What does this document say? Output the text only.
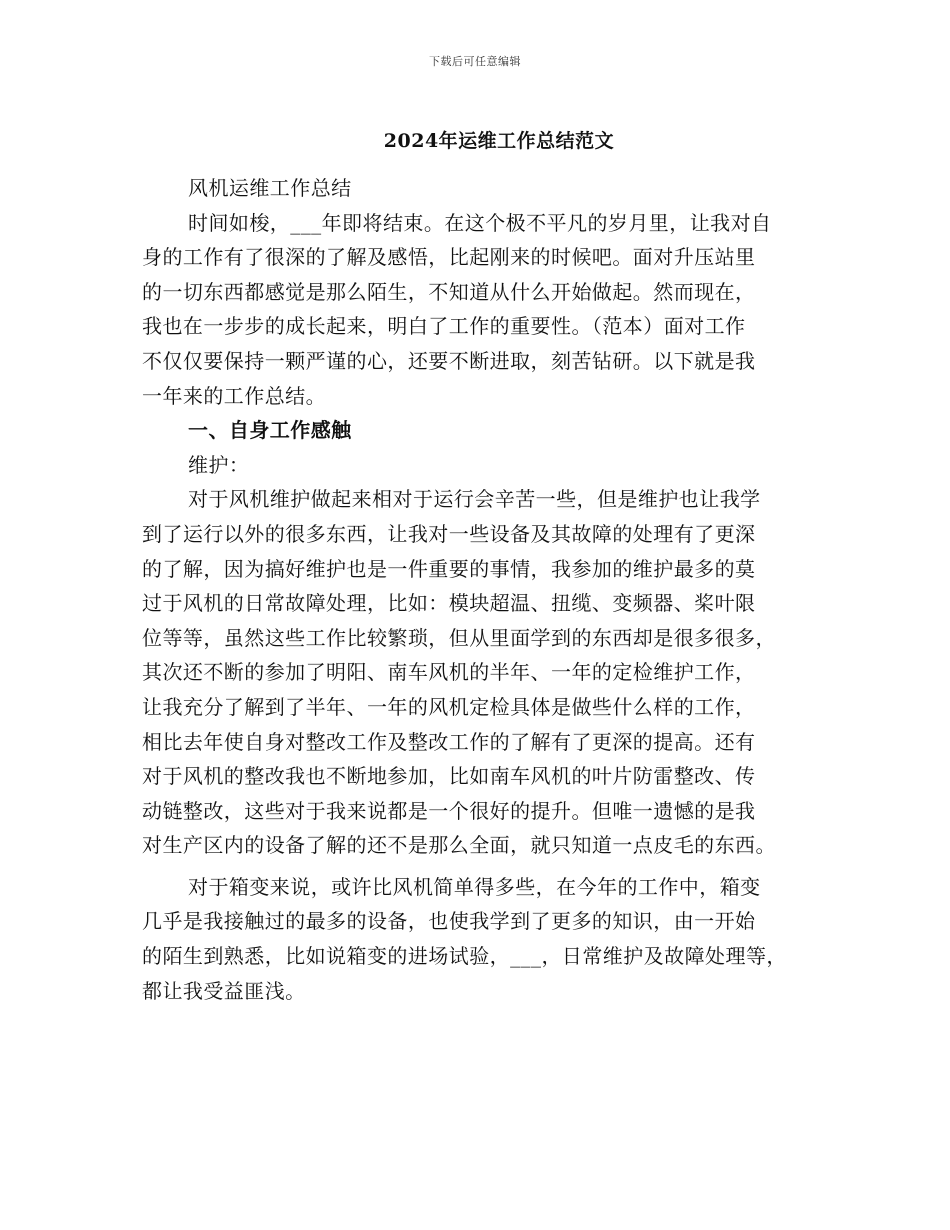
下载后可任意编辑
2024年运维工作总结范文
风机运维工作总结
时间如梭，___年即将结束。在这个极不平凡的岁月里，让我对自
身的工作有了很深的了解及感悟，比起刚来的时候吧。面对升压站里
的一切东西都感觉是那么陌生，不知道从什么开始做起。然而现在，
我也在一步步的成长起来，明白了工作的重要性。（范本）面对工作
不仅仅要保持一颗严谨的心，还要不断进取，刻苦钻研。以下就是我
一年来的工作总结。
一、自身工作感触
维护：
对于风机维护做起来相对于运行会辛苦一些，但是维护也让我学
到了运行以外的很多东西，让我对一些设备及其故障的处理有了更深
的了解，因为搞好维护也是一件重要的事情，我参加的维护最多的莫
过于风机的日常故障处理，比如：模块超温、扭缆、变频器、桨叶限
位等等，虽然这些工作比较繁琐，但从里面学到的东西却是很多很多，
其次还不断的参加了明阳、南车风机的半年、一年的定检维护工作，
让我充分了解到了半年、一年的风机定检具体是做些什么样的工作，
相比去年使自身对整改工作及整改工作的了解有了更深的提高。还有
对于风机的整改我也不断地参加，比如南车风机的叶片防雷整改、传
动链整改，这些对于我来说都是一个很好的提升。但唯一遗憾的是我
对生产区内的设备了解的还不是那么全面，就只知道一点皮毛的东西。
对于箱变来说，或许比风机简单得多些，在今年的工作中，箱变
几乎是我接触过的最多的设备，也使我学到了更多的知识，由一开始
的陌生到熟悉，比如说箱变的进场试验，___，日常维护及故障处理等，
都让我受益匪浅。
